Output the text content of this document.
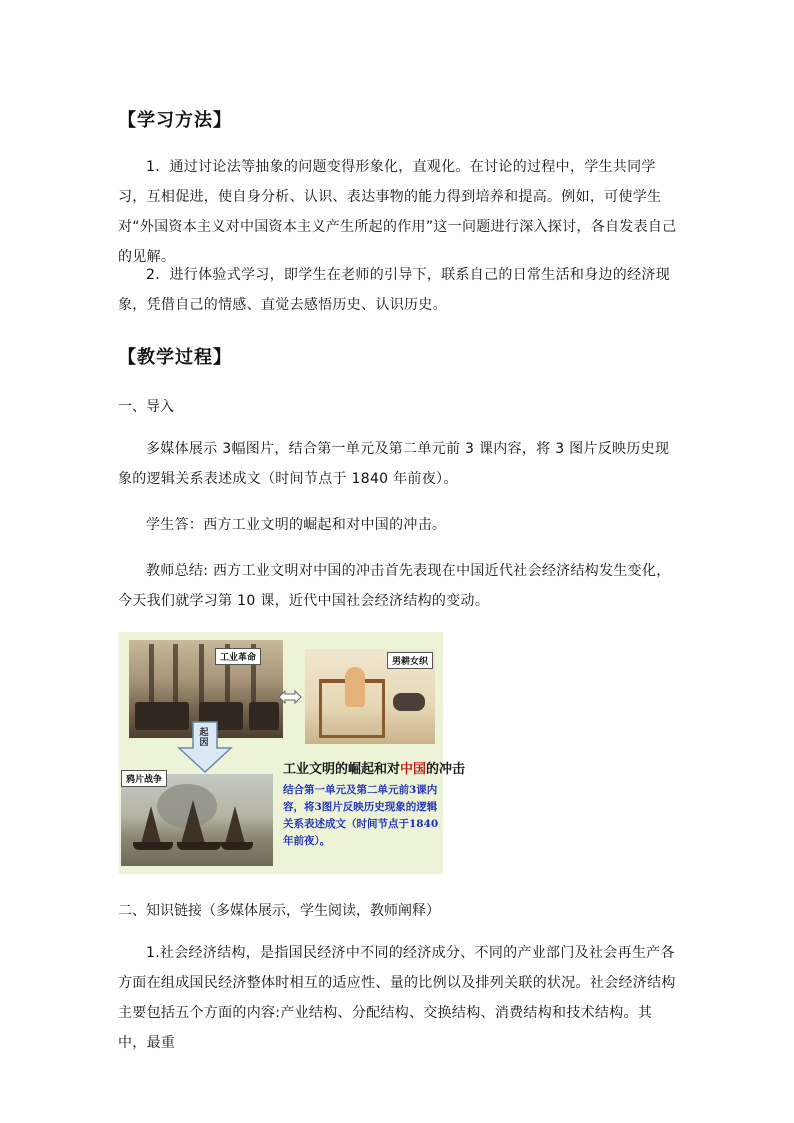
【学习方法】
1．通过讨论法等抽象的问题变得形象化，直观化。在讨论的过程中，学生共同学习，互相促进，使自身分析、认识、表达事物的能力得到培养和提高。例如，可使学生对“外国资本主义对中国资本主义产生所起的作用”这一问题进行深入探讨，各自发表自己的见解。
2．进行体验式学习，即学生在老师的引导下，联系自己的日常生活和身边的经济现象，凭借自己的情感、直觉去感悟历史、认识历史。
【教学过程】
一、导入
多媒体展示 3幅图片，结合第一单元及第二单元前 3 课内容，将 3 图片反映历史现象的逻辑关系表述成文（时间节点于 1840 年前夜）。
学生答：西方工业文明的崛起和对中国的冲击。
教师总结: 西方工业文明对中国的冲击首先表现在中国近代社会经济结构发生变化，今天我们就学习第 10 课，近代中国社会经济结构的变动。
工业革命	男耕女织
起因
鸦片战争
工业文明的崛起和对中国的冲击
结合第一单元及第二单元前3课内容，将3图片反映历史现象的逻辑关系表述成文（时间节点于1840年前夜）。
二、知识链接（多媒体展示，学生阅读，教师阐释）
1.社会经济结构，是指国民经济中不同的经济成分、不同的产业部门及社会再生产各方面在组成国民经济整体时相互的适应性、量的比例以及排列关联的状况。社会经济结构主要包括五个方面的内容:产业结构、分配结构、交换结构、消费结构和技术结构。其中，最重
